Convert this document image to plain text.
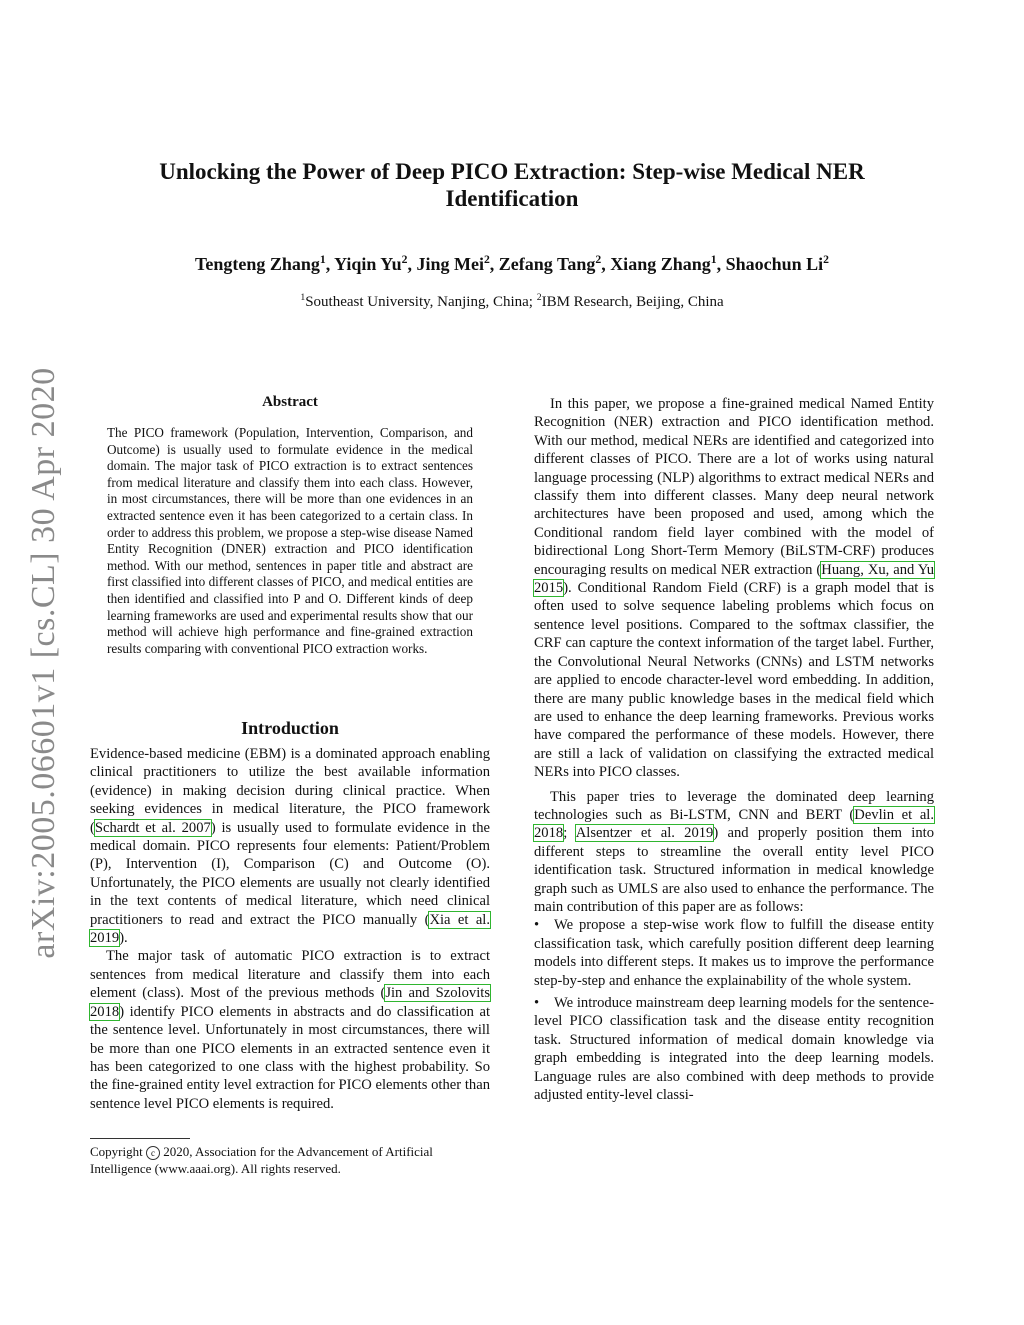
Unlocking the Power of Deep PICO Extraction: Step-wise Medical NER Identification
Tengteng Zhang$^1$, Yiqin Yu$^2$, Jing Mei$^2$, Zefang Tang$^2$, Xiang Zhang$^1$, Shaochun Li$^2$
$^1$Southeast University, Nanjing, China; $^2$IBM Research, Beijing, China
arXiv:2005.06601v1 [cs.CL] 30 Apr 2020	Abstract

The PICO framework (Population, Intervention, Comparison, and Outcome) is usually used to formulate evidence in the medical domain. The major task of PICO extraction is to extract sentences from medical literature and classify them into each class. However, in most circumstances, there will be more than one evidences in an extracted sentence even it has been categorized to a certain class. In order to address this problem, we propose a step-wise disease Named Entity Recognition (DNER) extraction and PICO identification method. With our method, sentences in paper title and abstract are first classified into different classes of PICO, and medical entities are then identified and classified into P and O. Different kinds of deep learning frameworks are used and experimental results show that our method will achieve high performance and fine-grained extraction results comparing with conventional PICO extraction works.

Introduction

Evidence-based medicine (EBM) is a dominated approach enabling clinical practitioners to utilize the best available information (evidence) in making decision during clinical practice. When seeking evidences in medical literature, the PICO framework (Schardt et al. 2007) is usually used to formulate evidence in the medical domain. PICO represents four elements: Patient/Problem (P), Intervention (I), Comparison (C) and Outcome (O). Unfortunately, the PICO elements are usually not clearly identified in the text contents of medical literature, which need clinical practitioners to read and extract the PICO manually (Xia et al. 2019).

The major task of automatic PICO extraction is to extract sentences from medical literature and classify them into each element (class). Most of the previous methods (Jin and Szolovits 2018) identify PICO elements in abstracts and do classification at the sentence level. Unfortunately in most circumstances, there will be more than one PICO elements in an extracted sentence even it has been categorized to one class with the highest probability. So the fine-grained entity level extraction for PICO elements other than sentence level PICO elements is required.

Copyright c 2020, Association for the Advancement of Artificial Intelligence (www.aaai.org). All rights reserved.

In this paper, we propose a fine-grained medical Named Entity Recognition (NER) extraction and PICO identification method. With our method, medical NERs are identified and categorized into different classes of PICO. There are a lot of works using natural language processing (NLP) algorithms to extract medical NERs and classify them into different classes. Many deep neural network architectures have been proposed and used, among which the Conditional random field layer combined with the model of bidirectional Long Short-Term Memory (BiLSTM-CRF) produces encouraging results on medical NER extraction (Huang, Xu, and Yu 2015). Conditional Random Field (CRF) is a graph model that is often used to solve sequence labeling problems which focus on sentence level positions. Compared to the softmax classifier, the CRF can capture the context information of the target label. Further, the Convolutional Neural Networks (CNNs) and LSTM networks are applied to encode character-level word embedding. In addition, there are many public knowledge bases in the medical field which are used to enhance the deep learning frameworks. Previous works have compared the performance of these models. However, there are still a lack of validation on classifying the extracted medical NERs into PICO classes.

This paper tries to leverage the dominated deep learning technologies such as Bi-LSTM, CNN and BERT (Devlin et al. 2018; Alsentzer et al. 2019) and properly position them into different steps to streamline the overall entity level PICO identification task. Structured information in medical knowledge graph such as UMLS are also used to enhance the performance. The main contribution of this paper are as follows:

• We propose a step-wise work flow to fulfill the disease entity classification task, which carefully position different deep learning models into different steps. It makes us to improve the performance step-by-step and enhance the explainability of the whole system.

• We introduce mainstream deep learning models for the sentence-level PICO classification task and the disease entity recognition task. Structured information of medical domain knowledge via graph embedding is integrated into the deep learning models. Language rules are also combined with deep methods to provide adjusted entity-level classi-
